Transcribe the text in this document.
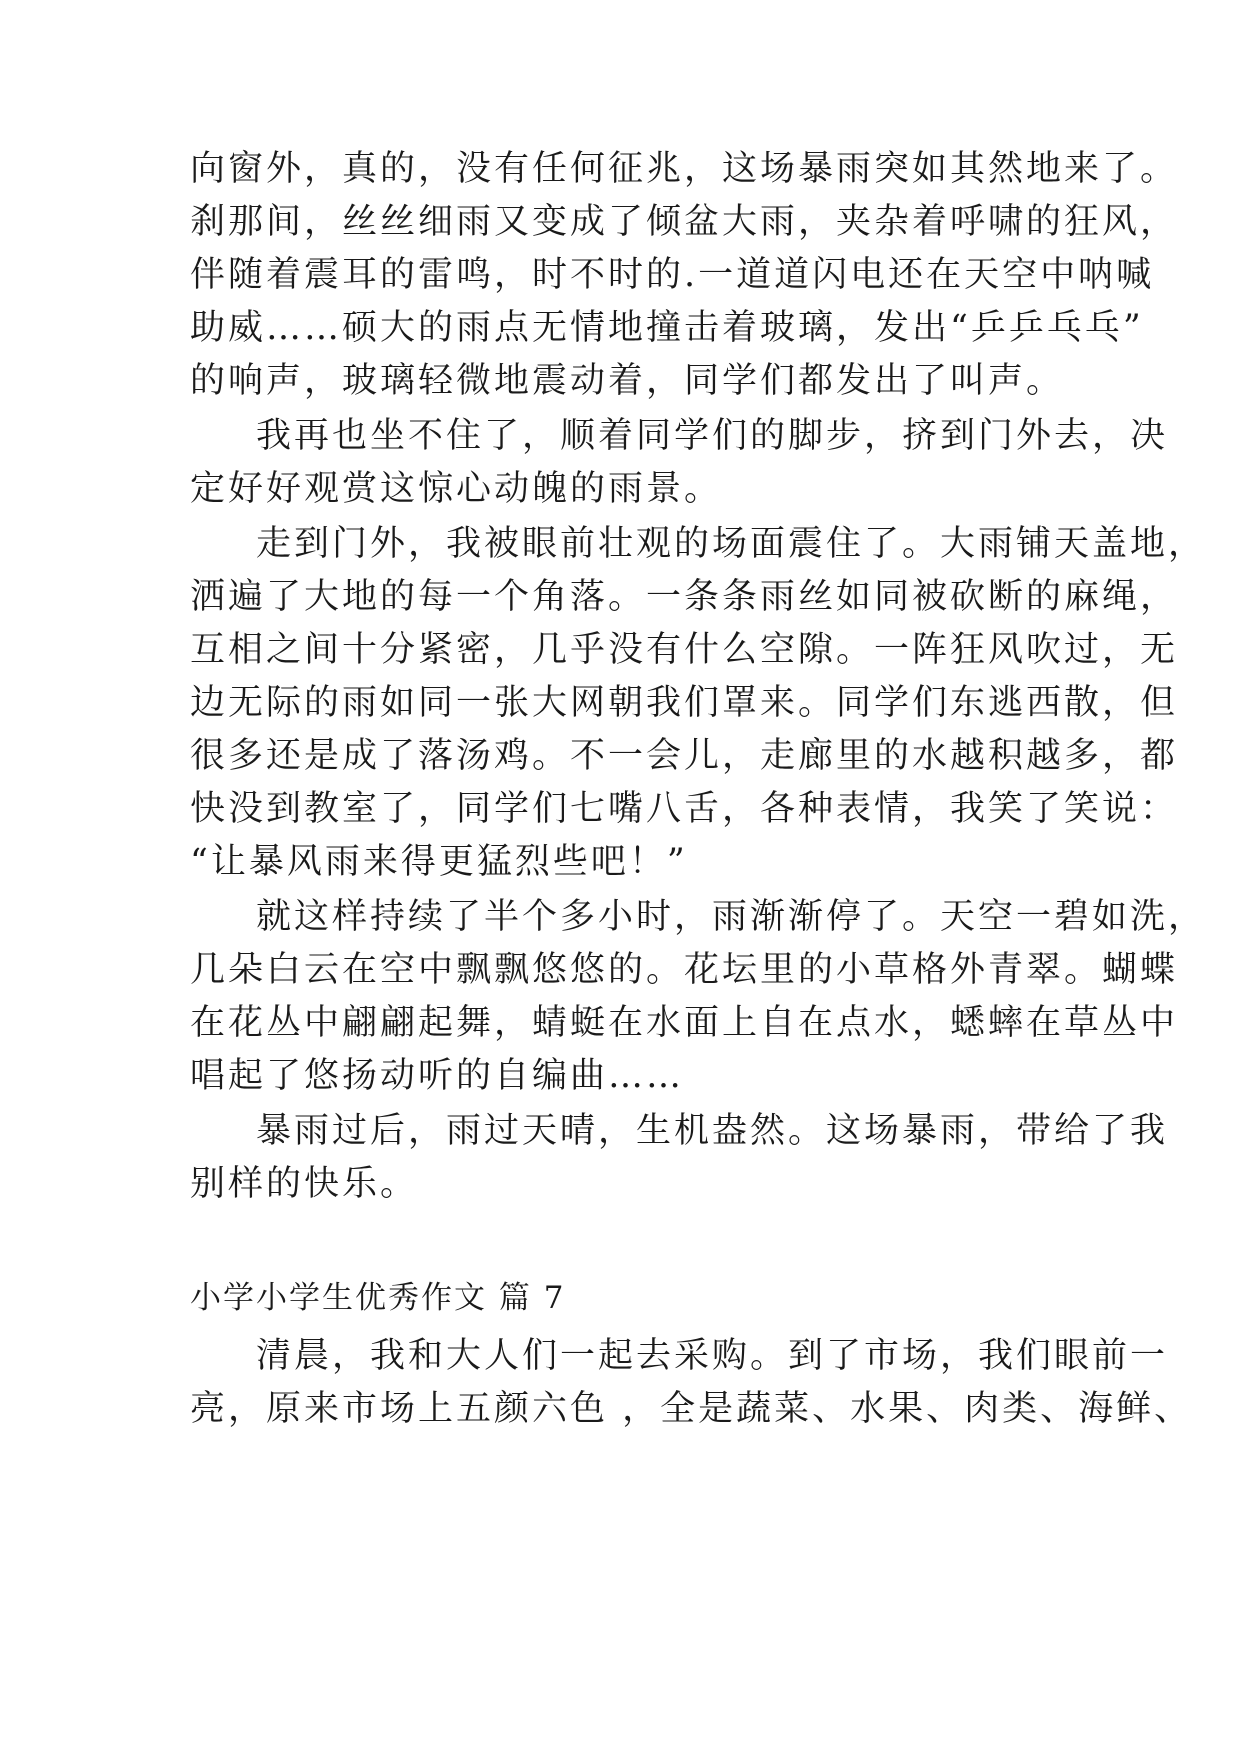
向窗外，真的，没有任何征兆，这场暴雨突如其然地来了。
刹那间，丝丝细雨又变成了倾盆大雨，夹杂着呼啸的狂风，
伴随着震耳的雷鸣，时不时的.一道道闪电还在天空中呐喊
助威……硕大的雨点无情地撞击着玻璃，发出“乒乒乓乓”
的响声，玻璃轻微地震动着，同学们都发出了叫声。
我再也坐不住了，顺着同学们的脚步，挤到门外去，决
定好好观赏这惊心动魄的雨景。
走到门外，我被眼前壮观的场面震住了。大雨铺天盖地，
洒遍了大地的每一个角落。一条条雨丝如同被砍断的麻绳，
互相之间十分紧密，几乎没有什么空隙。一阵狂风吹过，无
边无际的雨如同一张大网朝我们罩来。同学们东逃西散，但
很多还是成了落汤鸡。不一会儿，走廊里的水越积越多，都
快没到教室了，同学们七嘴八舌，各种表情，我笑了笑说：
“让暴风雨来得更猛烈些吧！”
就这样持续了半个多小时，雨渐渐停了。天空一碧如洗，
几朵白云在空中飘飘悠悠的。花坛里的小草格外青翠。蝴蝶
在花丛中翩翩起舞，蜻蜓在水面上自在点水，蟋蟀在草丛中
唱起了悠扬动听的自编曲……
暴雨过后，雨过天晴，生机盎然。这场暴雨，带给了我
别样的快乐。
小学小学生优秀作文 篇 7
清晨，我和大人们一起去采购。到了市场，我们眼前一
亮，原来市场上五颜六色 ，全是蔬菜、水果、肉类、海鲜、
